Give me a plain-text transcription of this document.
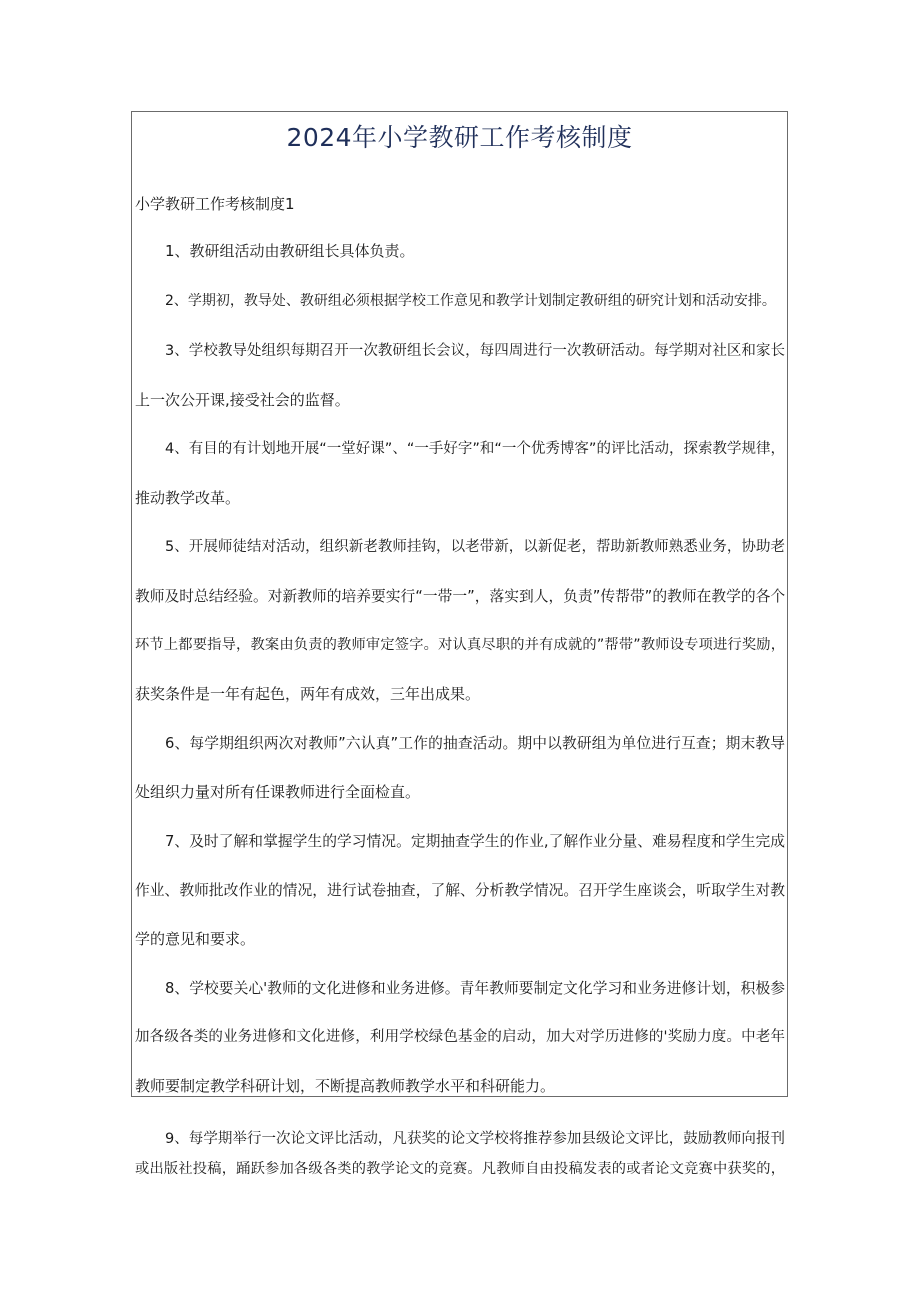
2024年小学教研工作考核制度

小学教研工作考核制度1

1、教研组活动由教研组长具体负责。

2、学期初，教导处、教研组必须根据学校工作意见和教学计划制定教研组的研究计划和活动安排。

3、学校教导处组织每期召开一次教研组长会议，每四周进行一次教研活动。每学期对社区和家长
上一次公开课,接受社会的监督。

4、有目的有计划地开展“一堂好课”、“一手好字”和“一个优秀博客”的评比活动，探索教学规律，
推动教学改革。

5、开展师徒结对活动，组织新老教师挂钩，以老带新，以新促老，帮助新教师熟悉业务，协助老
教师及时总结经验。对新教师的培养要实行“一带一”，落实到人，负责”传帮带”的教师在教学的各个
环节上都要指导，教案由负责的教师审定签字。对认真尽职的并有成就的”帮带”教师设专项进行奖励，
获奖条件是一年有起色，两年有成效，三年出成果。

6、每学期组织两次对教师”六认真”工作的抽查活动。期中以教研组为单位进行互查；期末教导
处组织力量对所有任课教师进行全面检直。

7、及时了解和掌握学生的学习情况。定期抽查学生的作业,了解作业分量、难易程度和学生完成
作业、教师批改作业的情况，进行试卷抽查，了解、分析教学情况。召开学生座谈会，听取学生对教
学的意见和要求。

8、学校要关心'教师的文化进修和业务进修。青年教师要制定文化学习和业务进修计划，积极参
加各级各类的业务进修和文化进修，利用学校绿色基金的启动，加大对学历进修的'奖励力度。中老年
教师要制定教学科研计划，不断提高教师教学水平和科研能力。

9、每学期举行一次论文评比活动，凡获奖的论文学校将推荐参加县级论文评比，鼓励教师向报刊
或出版社投稿，踊跃参加各级各类的教学论文的竞赛。凡教师自由投稿发表的或者论文竞赛中获奖的，
